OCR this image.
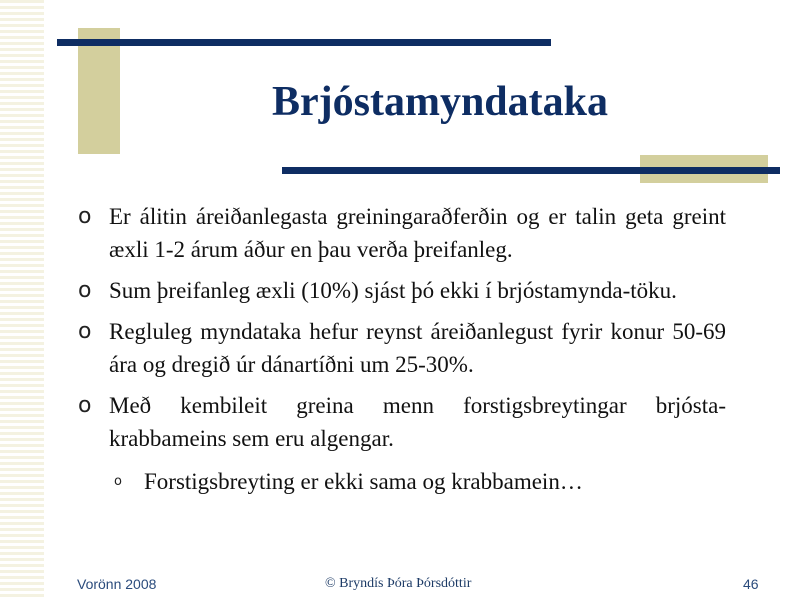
Brjóstamyndataka
o Er álitin áreiðanlegasta greiningaraðferðin og er talin geta greint æxli 1-2 árum áður en þau verða þreifanleg.
o Sum þreifanleg æxli (10%) sjást þó ekki í brjóstamynda-töku.
o Regluleg myndataka hefur reynst áreiðanlegust fyrir konur 50-69 ára og dregið úr dánartíðni um 25-30%.
o Með kembileit greina menn forstigsbreytingar brjósta-krabbameins sem eru algengar.
o Forstigsbreyting er ekki sama og krabbamein…
Vorönn 2008	© Bryndís Þóra Þórsdóttir	46
